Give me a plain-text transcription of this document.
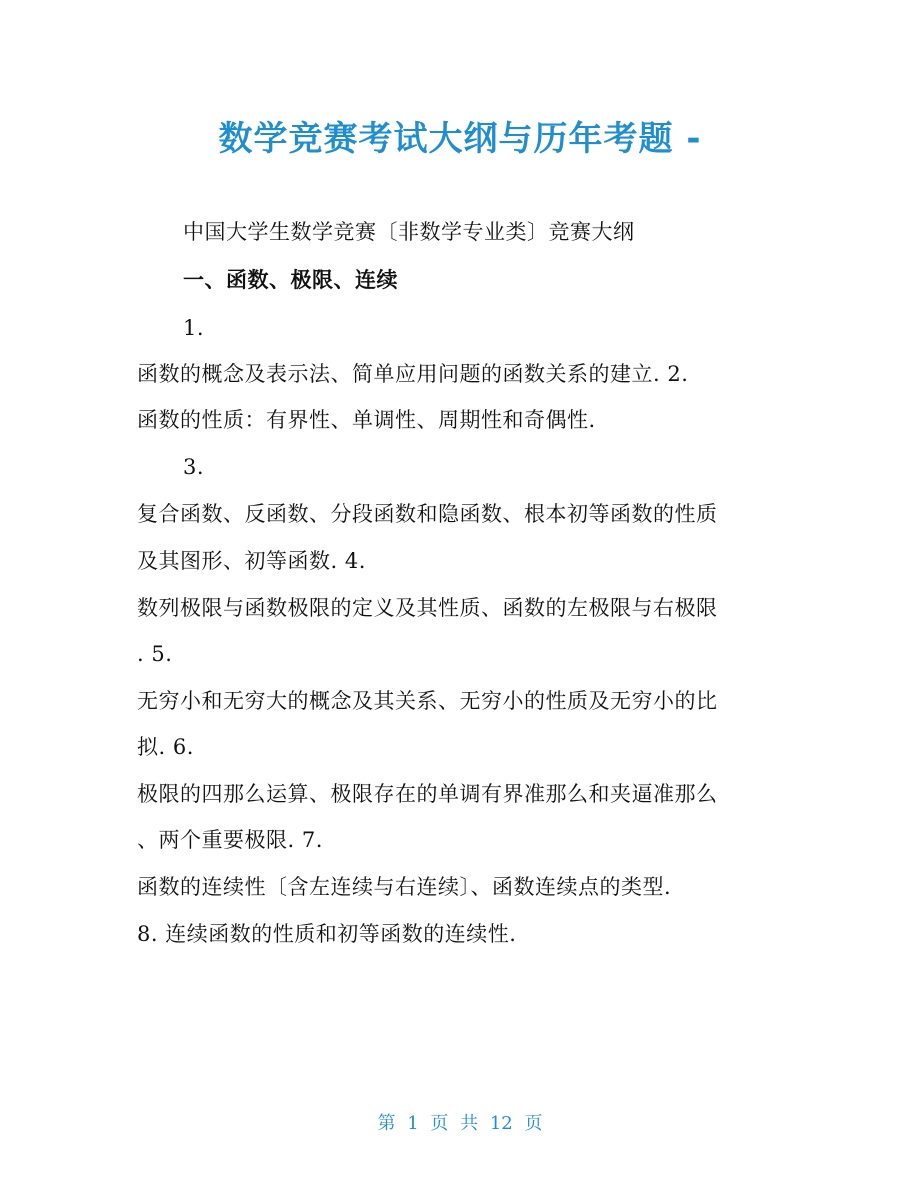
数学竞赛考试大纲与历年考题 -
中国大学生数学竞赛〔非数学专业类〕竞赛大纲
一、函数、极限、连续
1.
函数的概念及表示法、简单应用问题的函数关系的建立. 2.
函数的性质：有界性、单调性、周期性和奇偶性.
3.
复合函数、反函数、分段函数和隐函数、根本初等函数的性质
及其图形、初等函数. 4.
数列极限与函数极限的定义及其性质、函数的左极限与右极限
. 5.
无穷小和无穷大的概念及其关系、无穷小的性质及无穷小的比
拟. 6.
极限的四那么运算、极限存在的单调有界准那么和夹逼准那么
、两个重要极限. 7.
函数的连续性〔含左连续与右连续〕、函数连续点的类型.
8. 连续函数的性质和初等函数的连续性.
第 1 页 共 12 页
